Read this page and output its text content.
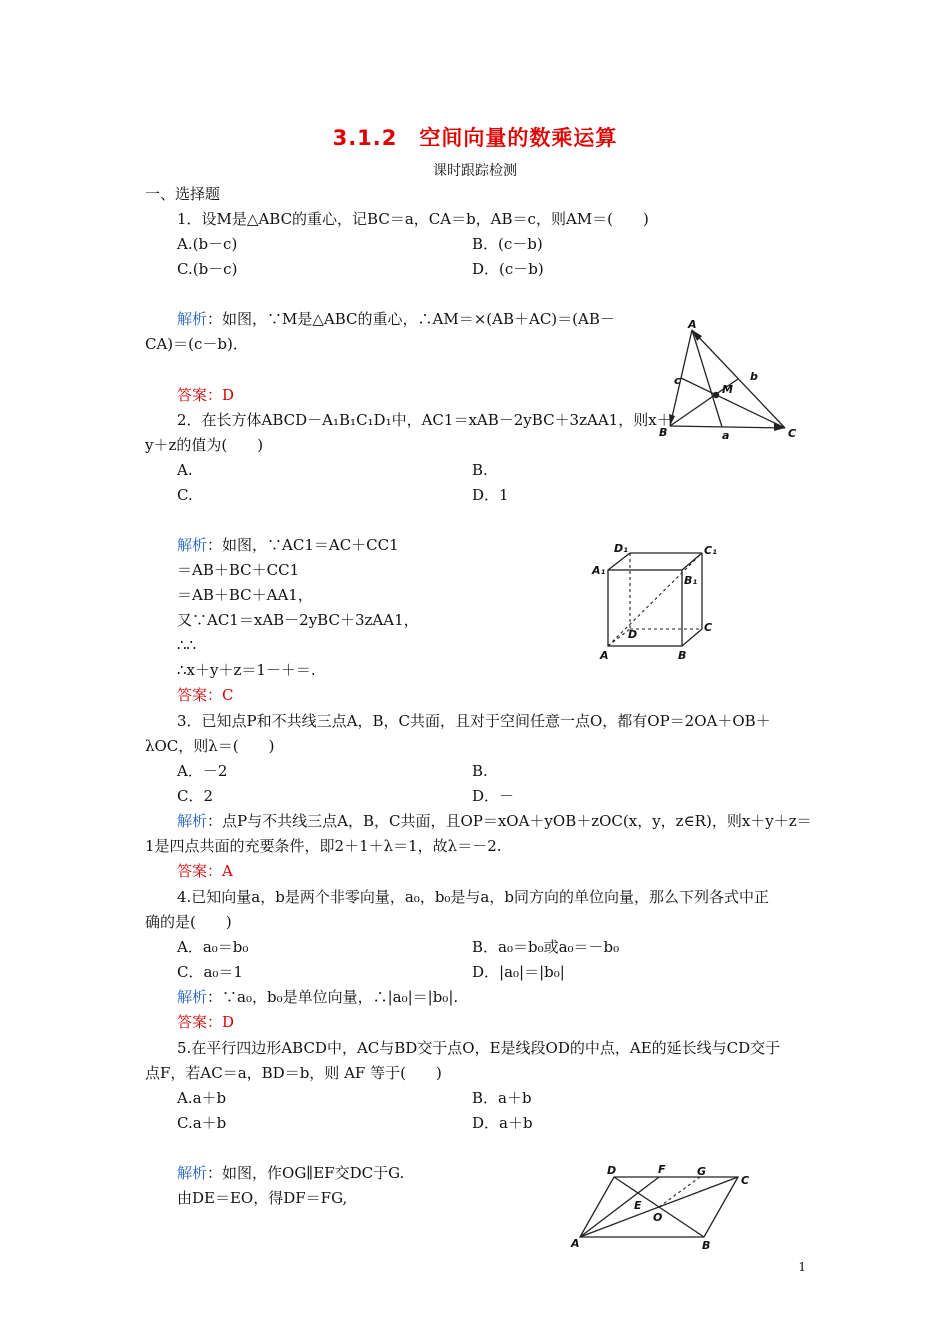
3.1.2　空间向量的数乘运算
课时跟踪检测
一、选择题
1．设M是△ABC的重心，记BC＝a，CA＝b，AB＝c，则AM＝(　　)
A.(b－c)	B．(c－b)
C.(b－c)	D．(c－b)
解析：如图，∵M是△ABC的重心，∴AM＝×(AB＋AC)＝(AB－
CA)＝(c－b)．
答案：D
A
B	C
M
a
b
c
2．在长方体ABCD－A₁B₁C₁D₁中，AC1＝xAB－2yBC＋3zAA1，则x＋
y＋z的值为(　　)
A.	B.
C.	D．1
解析：如图，∵AC1＝AC＋CC1
＝AB＋BC＋CC1
＝AB＋BC＋AA1，
又∵AC1＝xAB－2yBC＋3zAA1，
∴∴
∴x＋y＋z＝1－＋＝.
答案：C
D₁	C₁
A₁
B₁
D
C
A	B
3．已知点P和不共线三点A，B，C共面，且对于空间任意一点O，都有OP＝2OA＋OB＋
λOC，则λ＝(　　)
A．－2	B.
C．2	D．－
解析：点P与不共线三点A，B，C共面，且OP＝xOA＋yOB＋zOC(x，y，z∈R)，则x＋y＋z＝
1是四点共面的充要条件，即2＋1＋λ＝1，故λ＝－2.
答案：A
4.已知向量a，b是两个非零向量，a₀，b₀是与a，b同方向的单位向量，那么下列各式中正
确的是(　　)
A．a₀＝b₀	B．a₀＝b₀或a₀＝－b₀
C．a₀＝1	D．|a₀|＝|b₀|
解析：∵a₀，b₀是单位向量，∴|a₀|＝|b₀|.
答案：D
5.在平行四边形ABCD中，AC与BD交于点O，E是线段OD的中点，AE的延长线与CD交于
点F，若AC＝a，BD＝b，则 AF 等于(　　)
A.a＋b	B．a＋b
C.a＋b	D．a＋b
解析：如图，作OG∥EF交DC于G.
由DE＝EO，得DF＝FG,
D	F	G
C
E
O
A	B
1
